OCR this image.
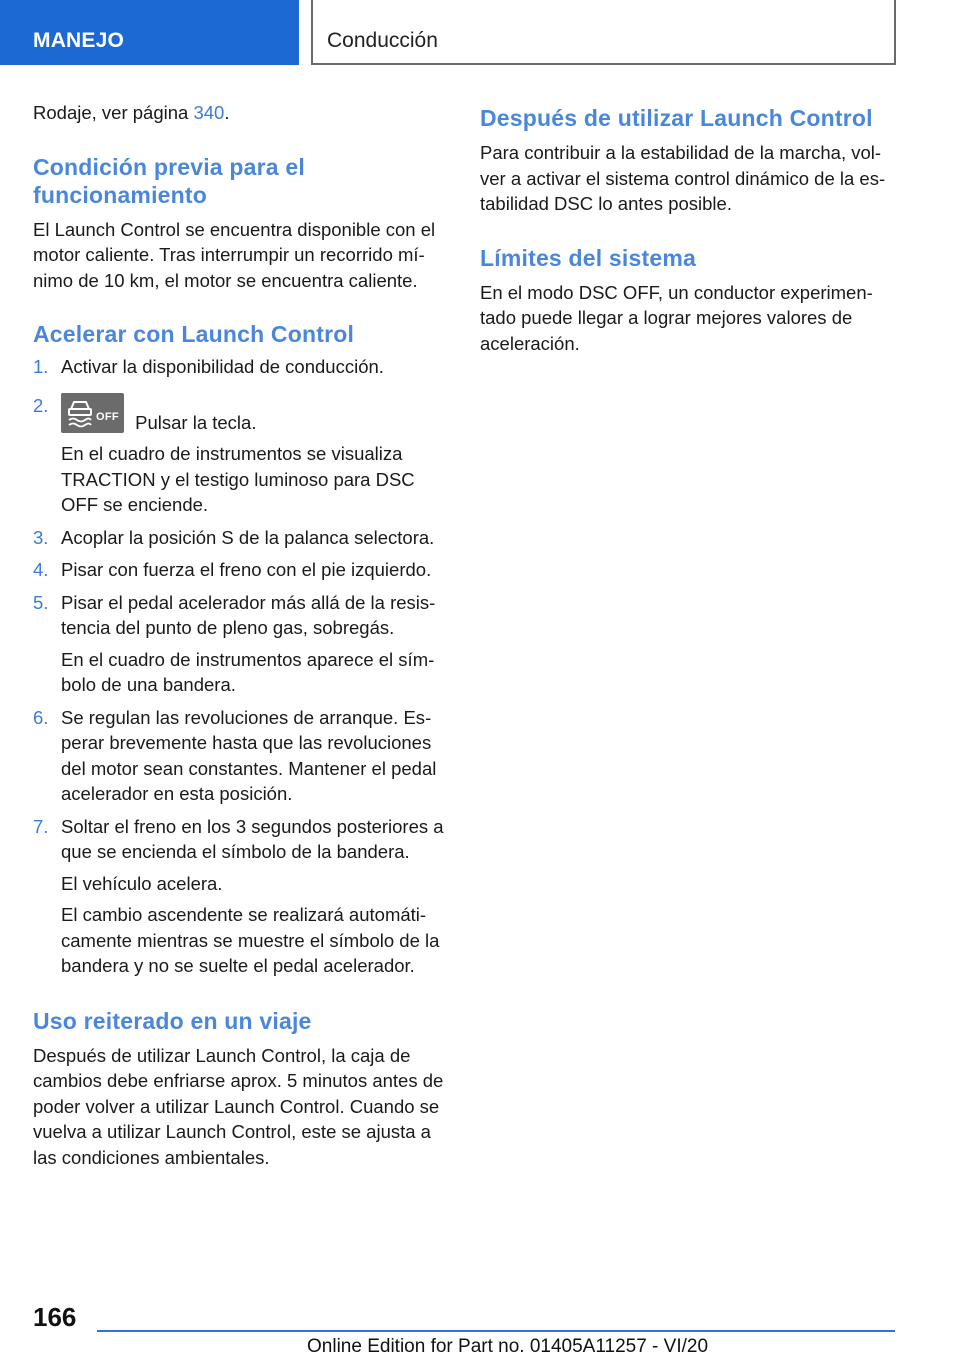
MANEJO	Conducción

Rodaje, ver página 340.

Condición previa para el funcionamiento

El Launch Control se encuentra disponible con el motor caliente. Tras interrumpir un recorrido mínimo de 10 km, el motor se encuentra caliente.

Acelerar con Launch Control
1. Activar la disponibilidad de conducción.
2.
OFF Pulsar la tecla.
En el cuadro de instrumentos se visualiza TRACTION y el testigo luminoso para DSC OFF se enciende.
3. Acoplar la posición S de la palanca selectora.
4. Pisar con fuerza el freno con el pie izquierdo.
5. Pisar el pedal acelerador más allá de la resistencia del punto de pleno gas, sobregás.
En el cuadro de instrumentos aparece el símbolo de una bandera.
6. Se regulan las revoluciones de arranque. Esperar brevemente hasta que las revoluciones del motor sean constantes. Mantener el pedal acelerador en esta posición.
7. Soltar el freno en los 3 segundos posteriores a que se encienda el símbolo de la bandera.
El vehículo acelera.
El cambio ascendente se realizará automáticamente mientras se muestre el símbolo de la bandera y no se suelte el pedal acelerador.
Uso reiterado en un viaje

Después de utilizar Launch Control, la caja de cambios debe enfriarse aprox. 5 minutos antes de poder volver a utilizar Launch Control. Cuando se vuelva a utilizar Launch Control, este se ajusta a las condiciones ambientales.

Después de utilizar Launch Control

Para contribuir a la estabilidad de la marcha, volver a activar el sistema control dinámico de la estabilidad DSC lo antes posible.

Límites del sistema

En el modo DSC OFF, un conductor experimentado puede llegar a lograr mejores valores de aceleración.

166
Online Edition for Part no. 01405A11257 - VI/20
